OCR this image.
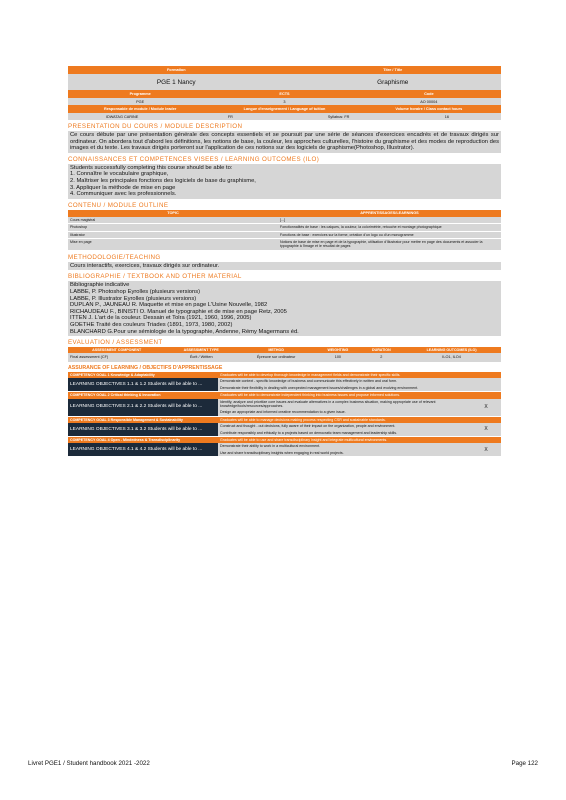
Formation	Titre / Title
PGE 1 Nancy	Graphisme
Programme	ECTS	Code
PGE	3	AO 00004
Responsable de module / Module leader	Langue d'enseignement / Language of tuition	Volume horaire / Class contact hours
IDWATAG CARINE	FR	Syllabus: FR	16
PRESENTATION DU COURS / MODULE DESCRIPTION
Ce cours débute par une présentation générale des concepts essentiels et se poursuit par une série de séances d'exercices encadrés et de travaux dirigés sur ordinateur. On abordera tout d'abord les définitions, les notions de base, la couleur, les approches culturelles, l'histoire du graphisme et des modes de reproduction des images et du texte. Les travaux dirigés porteront sur l'application de ces notions sur des logiciels de graphisme(Photoshop, Illustrator).
CONNAISSANCES ET COMPETENCES VISEES / LEARNING OUTCOMES (ILO)
Students successfully completing this course should be able to:
1. Connaître le vocabulaire graphique,
2. Maîtriser les principales fonctions des logiciels de base du graphisme,
3. Appliquer la méthode de mise en page
4. Communiquer avec les professionnels.
CONTENU / MODULE OUTLINE
TOPIC	APPRENTISSAGES/LEARNINGS
Cours magistral	[...]
Photoshop	Fonctionnalités de base : les calques, la couleur, la colorimétrie, retouche et montage photographique
Illustrator	Fonctions de base : exercices sur la forme, création d'un logo ou d'un monogramme
Mise en page	Notions de base de mise en page et de la typographie, utilisation d'Illustrator pour mettre en page des documents et associer la typographie à l'image et le résultat de pages
METHODOLOGIE/TEACHING
Cours interactifs, exercices, travaux dirigés sur ordinateur.
BIBLIOGRAPHIE / TEXTBOOK AND OTHER MATERIAL
Bibliographie indicative
LABBE, P. Photoshop Eyrolles (plusieurs versions)
LABBE, P. Illustrator Eyrolles (plusieurs versions)
DUPLAN P., JAUNEAU R. Maquette et mise en page L'Usine Nouvelle, 1982
RICHAUDEAU F., BINISTI O. Manuel de typographie et de mise en page Retz, 2005
ITTEN J. L'art de la couleur. Dessain et Tolra (1921, 1960, 1996, 2005)
GOETHE Traité des couleurs Triades (1891, 1973, 1980, 2002)
BLANCHARD G.Pour une sémiologie de la typographie, Andenne, Rémy Magermans éd.
EVALUATION / ASSESSMENT
ASSESSMENT COMPONENT	ASSESSMENT TYPE	METHOD	WEIGHTING	DURATION	LEARNING OUTCOMES (ILO)
Final assessment (CF)	Écrit / Written	Épreuve sur ordinateur	100	2	ILO1, ILO4
ASSURANCE OF LEARNING / OBJECTIFS D'APPRENTISSAGE
COMPETENCY GOAL 1 Knowledge & Adaptability	Graduates will be able to develop thorough knowledge in management fields and demonstrate their specific skills.	
LEARNING OBJECTIVES 1.1 & 1.2 Students will be able to ...	Demonstrate context - specific knowledge of business and communicate this effectively in written and oral form.	
	Demonstrate their flexibility in dealing with unexpected management issues/challenges in a global and evolving environment.	

COMPETENCY GOAL 2 Critical thinking & Innovation	Graduates will be able to demonstrate independent thinking into business issues and propose informed solutions.	
LEARNING OBJECTIVES 2.1 & 2.2 Students will be able to ...	Identify, analyze and prioritize core issues and evaluate alternatives in a complex business situation, making appropriate use of relevant knowledge/tools/resources/approaches.	X
	Design an appropriate and informed creative recommendation to a given issue.	

COMPETENCY GOAL 3 Responsible Management & Sustainability	Graduates will be able to manage decisions making process respecting CSR and sustainable standards.	
LEARNING OBJECTIVES 3.1 & 3.2 Students will be able to ...	Construct and thought - out decisions, fully aware of their impact on the organization, people and environment.	X
	Contribute responsibly and ethically to a projects based on democratic team management and leadership skills.	

COMPETENCY GOAL 4 Open - Mindedness & Transdisciplinarity	Graduates will be able to use and share transdisciplinary insight and integrate multicultural environments.	
LEARNING OBJECTIVES 4.1 & 4.2 Students will be able to ...	Demonstrate their ability to work in a multicultural environment.	X
	Use and share transdisciplinary insights when engaging in real world projects.	
Livret PGE1 / Student handbook 2021 -2022	Page 122
